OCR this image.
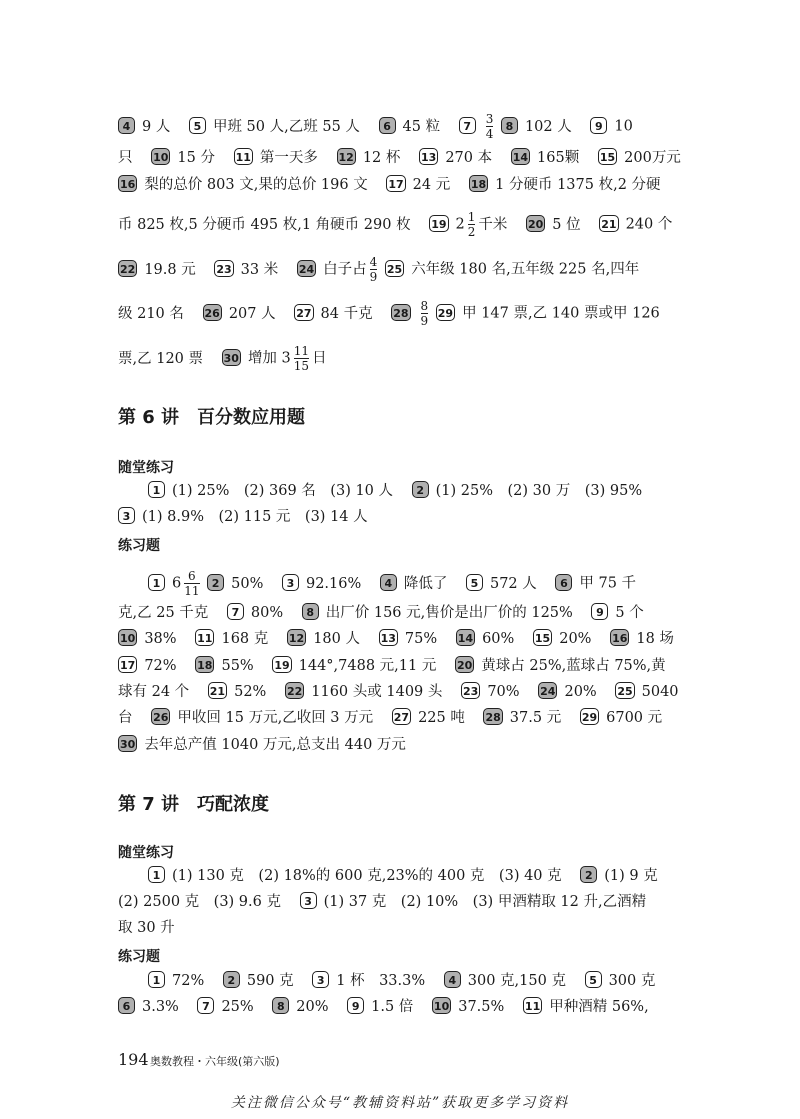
4 9 人 5 甲班 50 人,乙班 55 人 6 45 粒 $7 \frac{3}{4} 8$ 102 人 9 10
只 10 15 分 11 第一天多 12 12 杯 13 270 本 14 165颗 15 200万元
16 梨的总价 803 文,果的总价 196 文 17 24 元 18 1 分硬币 1375 枚,2 分硬
币 825 枚,5 分硬币 495 枚,1 角硬币 290 枚 19 $2 \frac{1}{2}$ 千米 20 5 位 21 240 个
22 19.8 元 23 33 米 24 白子占 $\frac{4}{9} 25$ 六年级 180 名,五年级 225 名,四年
级 210 名 26 207 人 27 84 千克 $28 \frac{8}{9} 29$ 甲 147 票,乙 140 票或甲 126
票,乙 120 票 30 增加 $3 \frac{11}{15}$ 日
第 6 讲　百分数应用题
随堂练习
1 (1) 25%　(2) 369 名　(3) 10 人 2 (1) 25%　(2) 30 万　(3) 95%
3 (1) 8.9%　(2) 115 元　(3) 14 人
练习题
1 $6 \frac{6}{11} 2$ 50% 3 92.16% 4 降低了 5 572 人 6 甲 75 千
克,乙 25 千克 7 80% 8 出厂价 156 元,售价是出厂价的 125% 9 5 个
10 38% 11 168 克 12 180 人 13 75% 14 60% 15 20% 16 18 场
17 72% 18 55% 19 144°,7488 元,11 元 20 黄球占 25%,蓝球占 75%,黄
球有 24 个 21 52% 22 1160 头或 1409 头 23 70% 24 20% 25 5040
台 26 甲收回 15 万元,乙收回 3 万元 27 225 吨 28 37.5 元 29 6700 元
30 去年总产值 1040 万元,总支出 440 万元
第 7 讲　巧配浓度
随堂练习
1 (1) 130 克　(2) 18%的 600 克,23%的 400 克　(3) 40 克 2 (1) 9 克
(2) 2500 克　(3) 9.6 克 3 (1) 37 克　(2) 10%　(3) 甲酒精取 12 升,乙酒精
取 30 升
练习题
1 72% 2 590 克 3 1 杯　33.3% 4 300 克,150 克 5 300 克
6 3.3% 7 25% 8 20% 9 1.5 倍 10 37.5% 11 甲种酒精 56%,
194 奥数教程・六年级(第六版)
关注微信公众号“教辅资料站”获取更多学习资料
